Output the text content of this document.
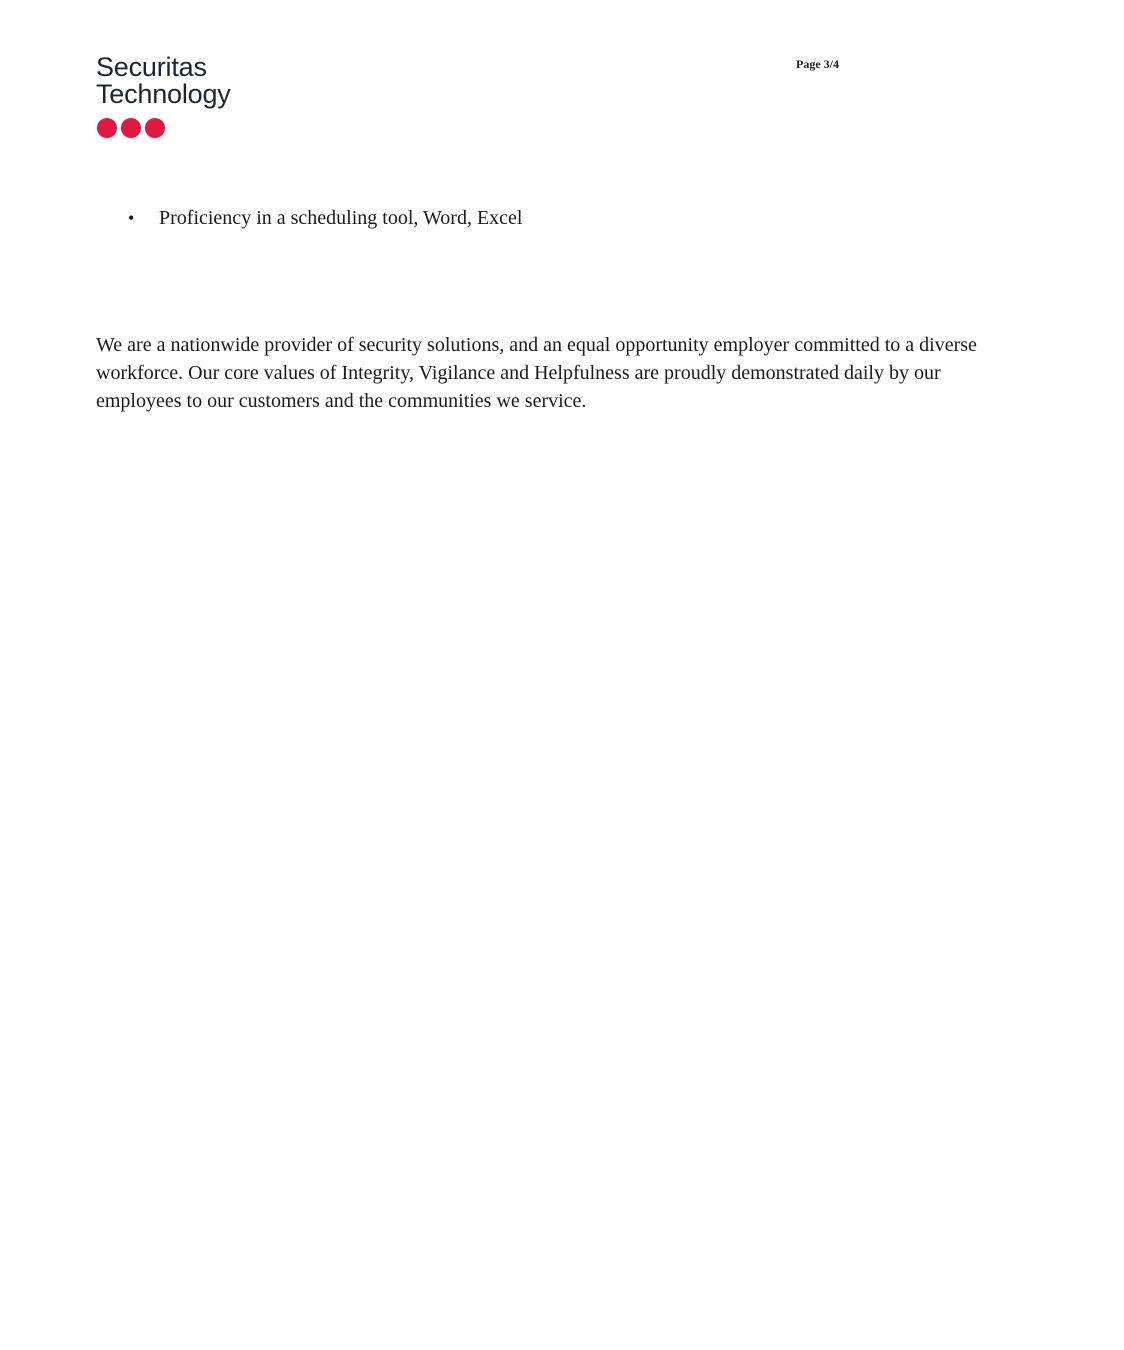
Securitas
Technology
Page 3/4
•	Proficiency in a scheduling tool, Word, Excel

We are a nationwide provider of security solutions, and an equal opportunity employer committed to a diverse workforce. Our core values of Integrity, Vigilance and Helpfulness are proudly demonstrated daily by our employees to our customers and the communities we service.
